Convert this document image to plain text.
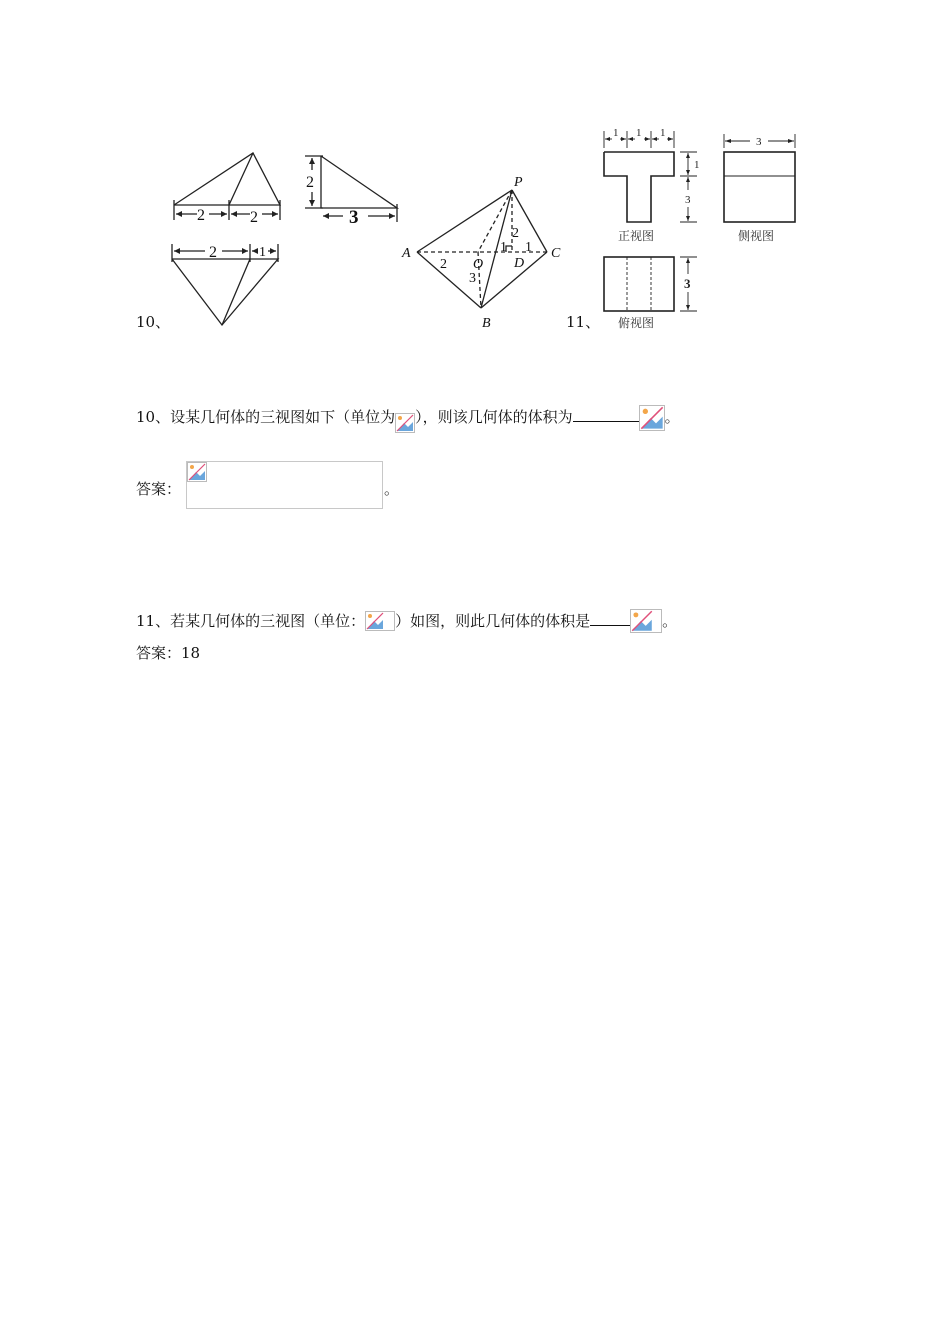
10、	11、
2	2
2
3
2	1
P
A	C
O D
B
2
3
2
1 1
1 1 1
1
3
3
3
正视图	侧视图
俯视图
10、设某几何体的三视图如下（单位为 ），则该几何体的体积为	。
答案：	。
11、若某几何体的三视图（单位： ）如图，则此几何体的体积是	。
答案：18
